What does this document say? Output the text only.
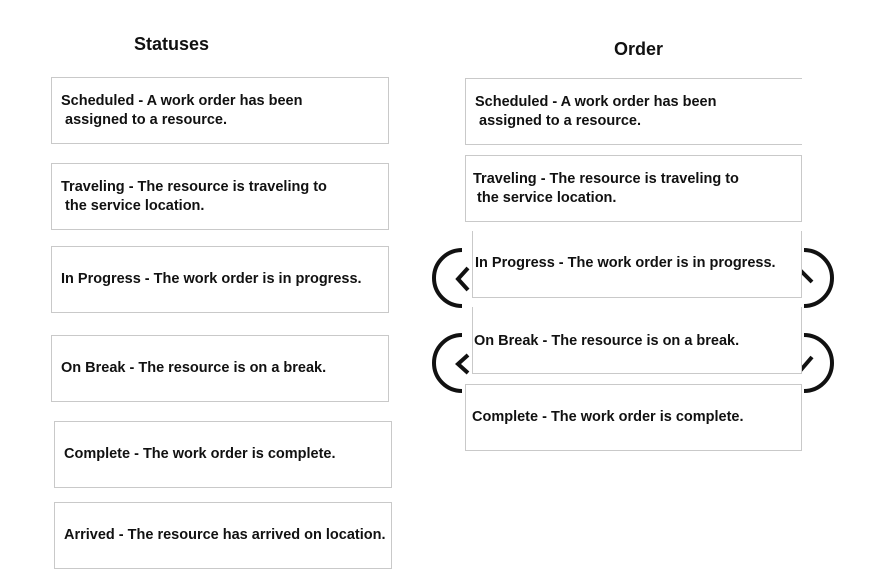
Statuses	Order
Scheduled - A work order has been
assigned to a resource.
Traveling - The resource is traveling to
the service location.
In Progress - The work order is in progress.
On Break - The resource is on a break.
Complete - The work order is complete.
Arrived - The resource has arrived on location.
Scheduled - A work order has been
assigned to a resource.
Traveling - The resource is traveling to
the service location.
In Progress - The work order is in progress.
On Break - The resource is on a break.
Complete - The work order is complete.
